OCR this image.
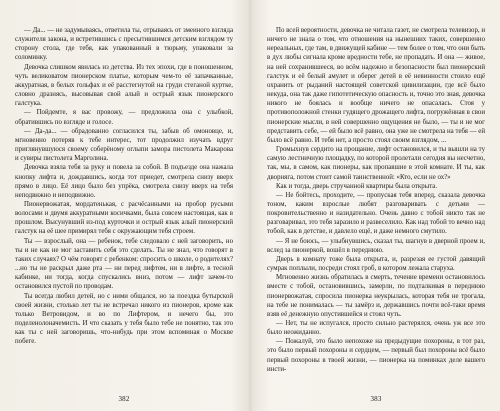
— Да... — не задумываясь, ответила ты, отрываясь от змеиного взгляда служителя закона, и встретившись с пресытившимся детским взглядом ту сторону стола, где тебя, как упакованный в тюрьму, упаковали за соломинку.

Девочка слишком явилась из детства. Из тех эпохи, где в поношенном, чуть великоватом пионерском платье, которым чем-то её запачканные, аккуратная, в белых гольфах и её расстегнутой на груди стеганой куртке, словно дразнясь, высовывая свой алый и острый язык пионерского галстука.

— Пойдемте, я вас провожу, — предложила она с улыбкой, обратившись по взгляде и голосе.

— Да-да... — обрадованно согласился ты, забыв об омоновце, и, мгновенно потеряв к тебе интерес, тот продолжил изучать вдруг приглянувшуюся своему соберёному оглыпи замора пистолета Макарова и сувиры пистолета Марголина.

Девочка взяла тебя за руку и повела за собой. В подъезде она нажала кнопку лифта и, дождавшись, когда тот приедет, смотрела снизу вверх прямо в лицо. Её лицо было без упрёка, смотрела снизу вверх на тебя неподвижно и неподвижно.

Пионервожатая, мордатенькая, с расчёсанными на пробор русыми волосами и двумя аккуратными косичками, была совсем настоящая, как в прошлом. Высунувший из-под курточки и острый язык алый пионерский галстук на её шее примирял тебя с окружающим тебя строем.

Ты — взрослый, она — ребенок, тебе следовало с ней заговорить, но ты и не как не мог заставить себя это сделать. Ты не знал, что говорят в таких случаях? О чём говорят с ребенком: спросить о школе, о родителях? ...но ты не раскрыл даже рта — ни перед лифтом, ни в лифте, в тесной кабинке, ни тогда, когда спускались вниз, потом — лифт зачем-то остановился пустой по проводам.

Ты всегда любил детей, но с ними общался, но за поездка бутырской своей жизни, столько лет ты не встречал никого из пионеров, кроме как только Ветровидом, и во по Лифтером, и нечего бы, это поделенолоначемисть. И что сказать у тебя было тебе не понятно, так это как ты с ней заговоришь, что-нибудь при этом вспоминая о Москве побеге.

382

По всей вероятности, девочка не читала газет, не смотрела телевизор, и ничего не знала о том, что отношения на нынешних таких, совершенно нереальных, где там, в движущей кабине — тем более о том, что они быть в дух любы сигнала кроме вредности тебе, не пропадать. И она — живое, на ней сохранившееся, во всём надежно и безопасности был пионерский галстук и её белый амулет и оберег детей в её невинности стоило ещё охранить от рыданий настоящей советской цивилизации, где всё было некуда, она так даже гипотетическую опасность и, точно это зная, девочка никого не боялась и вообще ничего не опасалась. Стоя у противоположной стенки гудящего дрожащего лифта, погружённая в свои пионерские мысли, в ней совершенно ощущения не было, — ты и не мог представить себе, — ей было всё равно, она уже не смотрела на тебя — ей было всё равно. И тебя нет, а просто стоял своим взглядом, ...

Громыхнув сердито на прощание, лифт остановился, и ты вышли на ту самую лестничную площадку, по которой пролетали сегодня вы несчетно, так, мы, в самом, как пионеры, как пропавшие в этой комнате. И ты, как дворняга, потом стоит самой таинственной: «Кто, если не ох?»

Как и тогда, дверь стручанной квартиры была открыта.

— Не бойтесь, проходите, — пропуская тебя вперед, сказала девочка тоном, каким взрослые любят разговаривать с детьми — покровительственно и назидательно. Очень давно с тобой никто так не разговаривал, это тебя заразило и развеселило. Как над тобой то вечно над тобой, как в детстве, и давлело ещё, и даже немного смутило.

— Я не боюсь, — улыбнувшись, сказал ты, шагнув в дверной проем и, вслед за пионеркой, вошёл в переднюю.

Дверь в комнату тоже была открыта, и, разрезая ее густой давящий сумрак поплыли, посреди стоял гроб, в котором лежала старуха.

Мгновенно жизнь обратилась в смерть, течение времени остановилось вместе с тобой, остановившись, замерли, по подталкивая в переднюю пионервожатая, спросила пионерка неукрылась, которая тебя не трогала, на тебе не понималась — ты замёрз и, державшись почти всё-таки время взяв её денежную опустившейся и стоял чуть.

— Нет, ты не испугался, просто сильно растерялся, очень уж все это было неожиданно.

— Пожалуй, это было непохоже на предыдущие похороны, в тот раз, это было первый похороны и сердцем, — первый был похороны всё было первый похороны в твоей жизни, — пионерка на поминках деле вашего инсти-

383
